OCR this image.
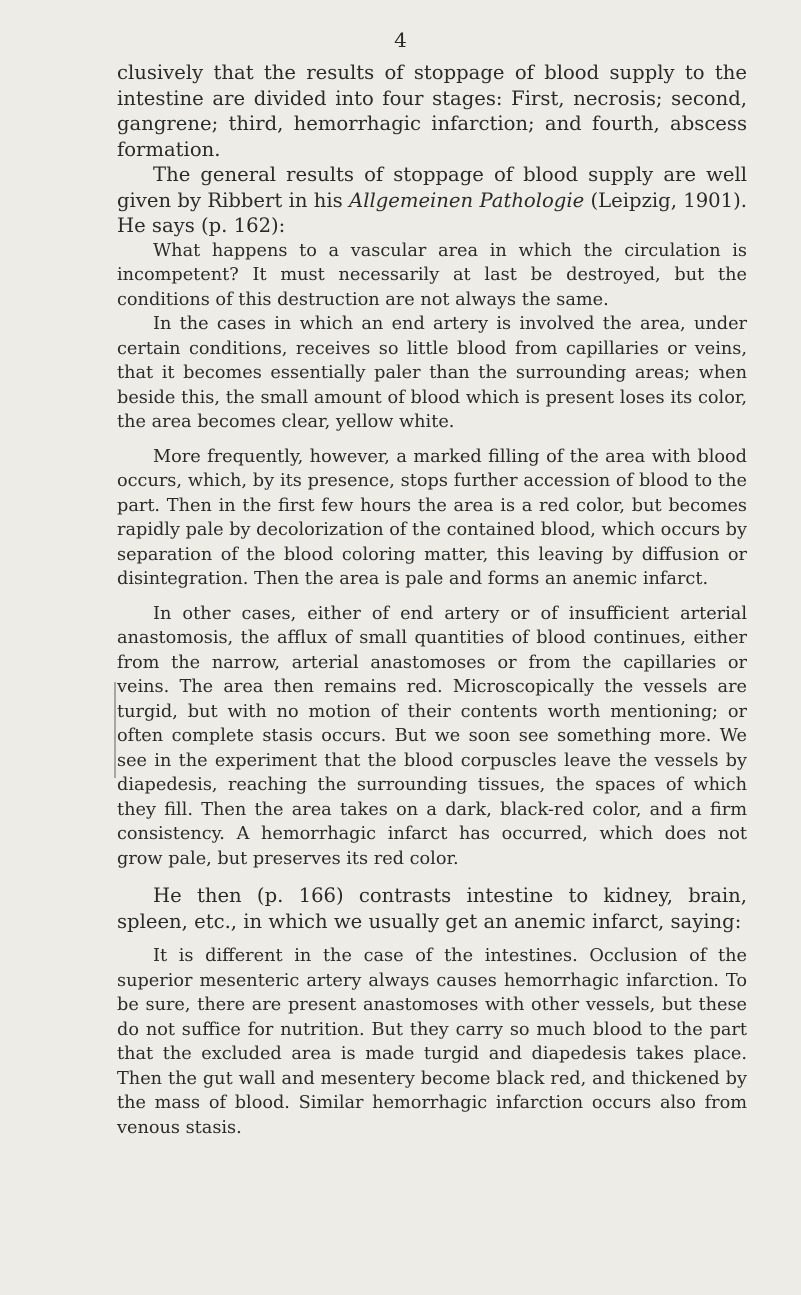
4

clusively that the results of stoppage of blood supply to the intestine are divided into four stages: First, necrosis; second, gangrene; third, hemorrhagic infarction; and fourth, abscess formation.

The general results of stoppage of blood supply are well given by Ribbert in his Allgemeinen Pathologie (Leipzig, 1901). He says (p. 162):

What happens to a vascular area in which the circulation is incompetent? It must necessarily at last be destroyed, but the conditions of this destruction are not always the same.

In the cases in which an end artery is involved the area, under certain conditions, receives so little blood from capillaries or veins, that it becomes essentially paler than the surrounding areas; when beside this, the small amount of blood which is present loses its color, the area becomes clear, yellow white.

More frequently, however, a marked filling of the area with blood occurs, which, by its presence, stops further accession of blood to the part. Then in the first few hours the area is a red color, but becomes rapidly pale by decolorization of the contained blood, which occurs by separation of the blood coloring matter, this leaving by diffusion or disintegration. Then the area is pale and forms an anemic infarct.

In other cases, either of end artery or of insufficient arterial anastomosis, the afflux of small quantities of blood continues, either from the narrow, arterial anastomoses or from the capillaries or veins. The area then remains red. Microscopically the vessels are turgid, but with no motion of their contents worth mentioning; or often complete stasis occurs. But we soon see something more. We see in the experiment that the blood corpuscles leave the vessels by diapedesis, reaching the surrounding tissues, the spaces of which they fill. Then the area takes on a dark, black-red color, and a firm consistency. A hemorrhagic infarct has occurred, which does not grow pale, but preserves its red color.

He then (p. 166) contrasts intestine to kidney, brain, spleen, etc., in which we usually get an anemic infarct, saying:

It is different in the case of the intestines. Occlusion of the superior mesenteric artery always causes hemorrhagic infarction. To be sure, there are present anastomoses with other vessels, but these do not suffice for nutrition. But they carry so much blood to the part that the excluded area is made turgid and diapedesis takes place. Then the gut wall and mesentery become black red, and thickened by the mass of blood. Similar hemorrhagic infarction occurs also from venous stasis.
